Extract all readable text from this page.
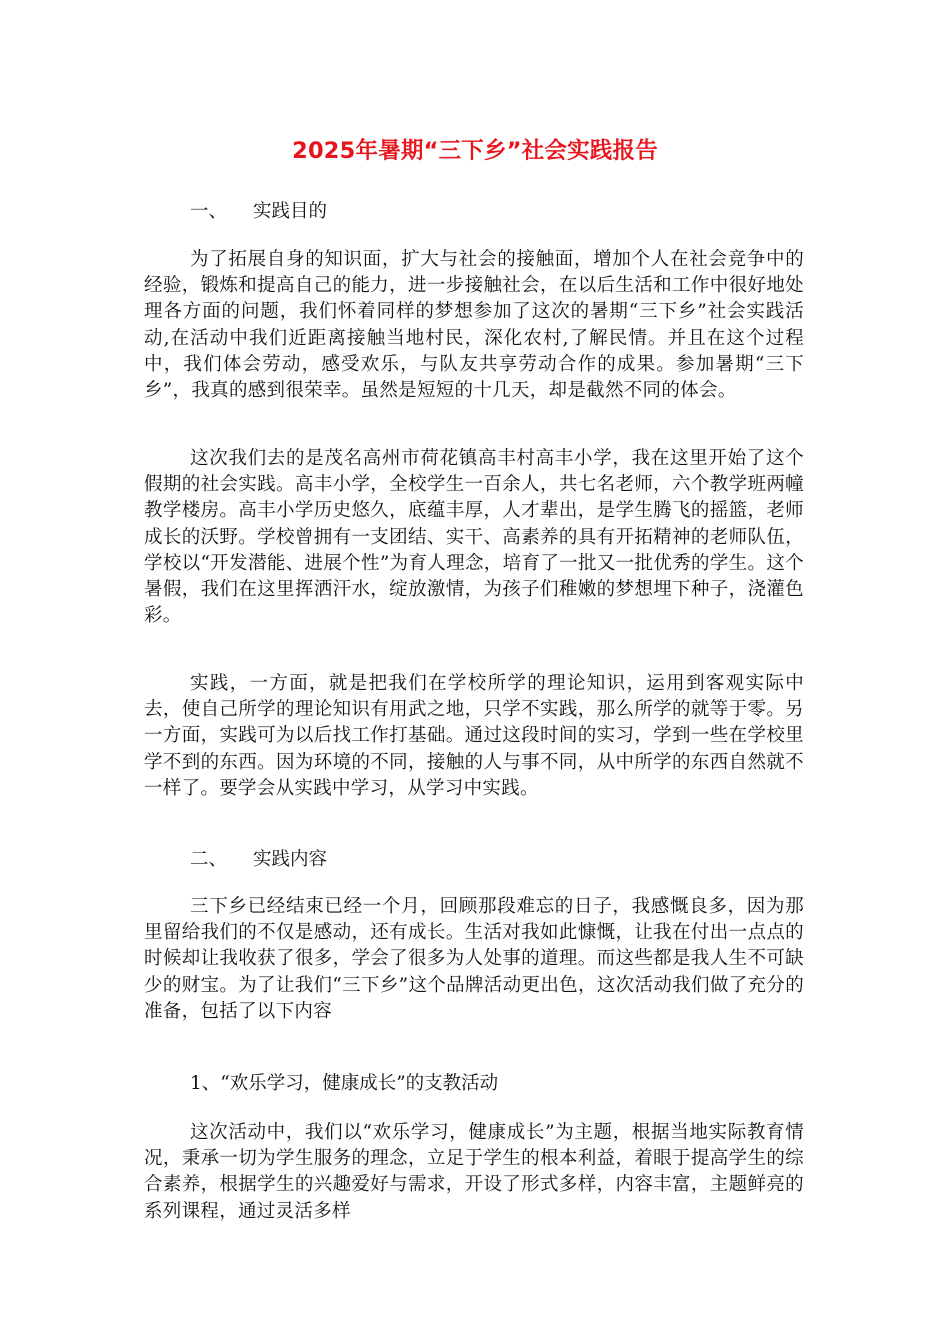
2025年暑期“三下乡”社会实践报告
一、 实践目的
为了拓展自身的知识面，扩大与社会的接触面，增加个人在社会竞争中的经验，锻炼和提高自己的能力，进一步接触社会，在以后生活和工作中很好地处理各方面的问题，我们怀着同样的梦想参加了这次的暑期“三下乡”社会实践活动,在活动中我们近距离接触当地村民，深化农村,了解民情。并且在这个过程中，我们体会劳动，感受欢乐，与队友共享劳动合作的成果。参加暑期“三下乡”，我真的感到很荣幸。虽然是短短的十几天，却是截然不同的体会。
这次我们去的是茂名高州市荷花镇高丰村高丰小学，我在这里开始了这个假期的社会实践。高丰小学，全校学生一百余人，共七名老师，六个教学班两幢教学楼房。高丰小学历史悠久，底蕴丰厚，人才辈出，是学生腾飞的摇篮，老师成长的沃野。学校曾拥有一支团结、实干、高素养的具有开拓精神的老师队伍，学校以“开发潜能、进展个性”为育人理念，培育了一批又一批优秀的学生。这个暑假，我们在这里挥洒汗水，绽放激情，为孩子们稚嫩的梦想埋下种子，浇灌色彩。
实践，一方面，就是把我们在学校所学的理论知识，运用到客观实际中去，使自己所学的理论知识有用武之地，只学不实践，那么所学的就等于零。另一方面，实践可为以后找工作打基础。通过这段时间的实习，学到一些在学校里学不到的东西。因为环境的不同，接触的人与事不同，从中所学的东西自然就不一样了。要学会从实践中学习，从学习中实践。
二、 实践内容
三下乡已经结束已经一个月，回顾那段难忘的日子，我感慨良多，因为那里留给我们的不仅是感动，还有成长。生活对我如此慷慨，让我在付出一点点的时候却让我收获了很多，学会了很多为人处事的道理。而这些都是我人生不可缺少的财宝。为了让我们“三下乡”这个品牌活动更出色，这次活动我们做了充分的准备，包括了以下内容
1、“欢乐学习，健康成长”的支教活动
这次活动中，我们以“欢乐学习，健康成长”为主题，根据当地实际教育情况，秉承一切为学生服务的理念，立足于学生的根本利益，着眼于提高学生的综合素养，根据学生的兴趣爱好与需求，开设了形式多样，内容丰富，主题鲜亮的系列课程，通过灵活多样
